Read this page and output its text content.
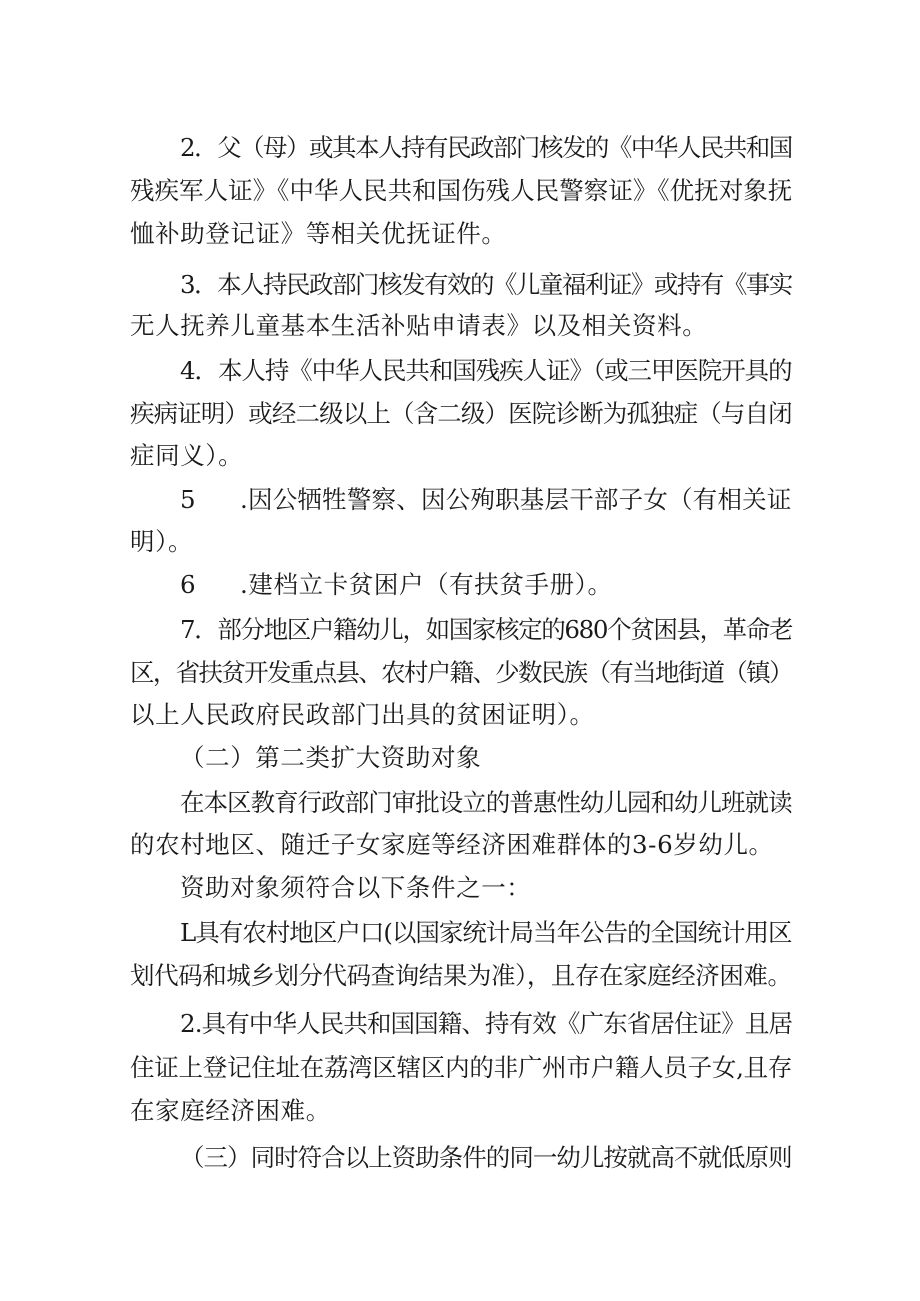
2．父（母）或其本人持有民政部门核发的《中华人民共和国
残疾军人证》《中华人民共和国伤残人民警察证》《优抚对象抚
恤补助登记证》等相关优抚证件。
3．本人持民政部门核发有效的《儿童福利证》或持有《事实
无人抚养儿童基本生活补贴申请表》以及相关资料。
4．本人持《中华人民共和国残疾人证》（或三甲医院开具的
疾病证明）或经二级以上（含二级）医院诊断为孤独症（与自闭
症同义）。
5 .因公牺牲警察、因公殉职基层干部子女（有相关证
明）。
6 .建档立卡贫困户（有扶贫手册）。
7．部分地区户籍幼儿，如国家核定的680个贫困县，革命老
区，省扶贫开发重点县、农村户籍、少数民族（有当地街道（镇）
以上人民政府民政部门出具的贫困证明）。
（二）第二类扩大资助对象
在本区教育行政部门审批设立的普惠性幼儿园和幼儿班就读
的农村地区、随迁子女家庭等经济困难群体的3-6岁幼儿。
资助对象须符合以下条件之一：
L具有农村地区户口(以国家统计局当年公告的全国统计用区
划代码和城乡划分代码查询结果为准），且存在家庭经济困难。
2.具有中华人民共和国国籍、持有效《广东省居住证》且居
住证上登记住址在荔湾区辖区内的非广州市户籍人员子女,且存
在家庭经济困难。
（三）同时符合以上资助条件的同一幼儿按就高不就低原则
